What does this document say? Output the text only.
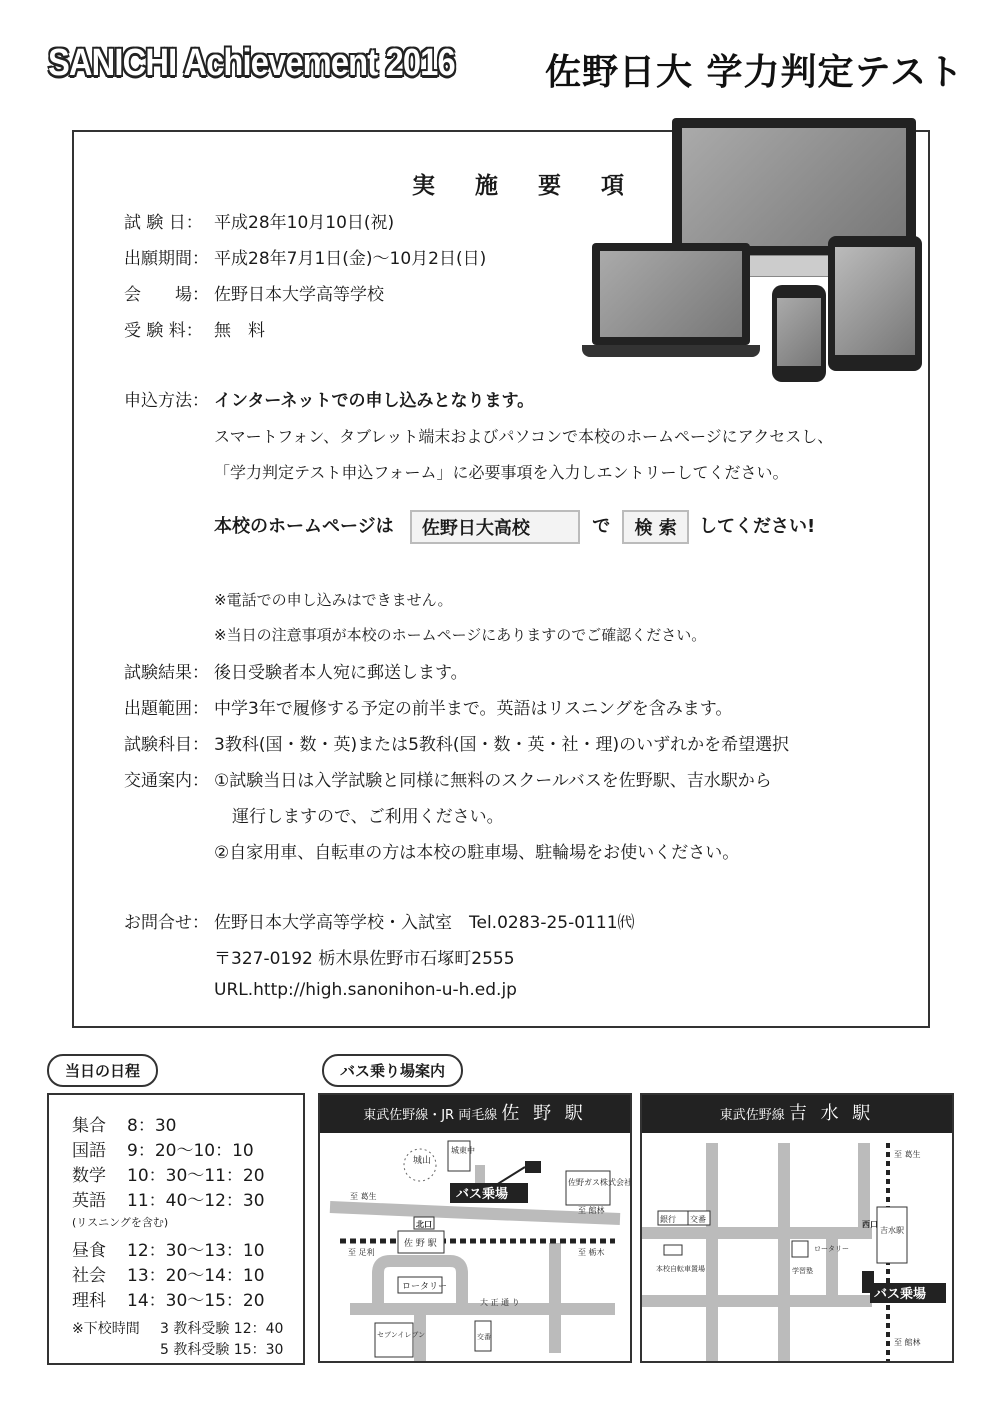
SANICHI Achievement 2016	佐野日大 学力判定テスト
実 施 要 項
試 験 日： 平成28年10月10日(祝)
出願期間： 平成28年7月1日(金)〜10月2日(日)
会　　場： 佐野日本大学高等学校
受 験 料： 無　料
申込方法： インターネットでの申し込みとなります。
スマートフォン、タブレット端末およびパソコンで本校のホームページにアクセスし、
「学力判定テスト申込フォーム」に必要事項を入力しエントリーしてください。
本校のホームページは 佐野日大高校	で 検 索 してください!
※電話での申し込みはできません。
※当日の注意事項が本校のホームページにありますのでご確認ください。
試験結果： 後日受験者本人宛に郵送します。
出題範囲： 中学3年で履修する予定の前半まで。英語はリスニングを含みます。
試験科目： 3教科(国・数・英)または5教科(国・数・英・社・理)のいずれかを希望選択
交通案内： ①試験当日は入学試験と同様に無料のスクールバスを佐野駅、吉水駅から
運行しますので、ご利用ください。
②自家用車、自転車の方は本校の駐車場、駐輪場をお使いください。
お問合せ： 佐野日本大学高等学校・入試室　Tel.0283-25-0111㈹
〒327-0192 栃木県佐野市石塚町2555
URL.http://high.sanonihon-u-h.ed.jp
当日の日程
集合 8：30
国語 9：20〜10：10
数学 10：30〜11：20
英語 11：40〜12：30
(リスニングを含む)
昼食 12：30〜13：10
社会 13：20〜14：10
理科 14：30〜15：20
※下校時間 3 教科受験 12：40
5 教科受験 15：30
バス乗り場案内
東武佐野線・JR 両毛線 佐 野 駅
城山
城東中
佐野ガス株式会社
バス乗場
至 葛生
至 館林
至 足利	至 栃木
北口
佐 野 駅
ロータリー
大 正 通 り
セブンイレブン	交番
東武佐野線 吉 水 駅
銀行 交番
本校自転車置場	学習塾
ロータリー
西口
吉水駅
至 葛生
至 館林
バス乗場
